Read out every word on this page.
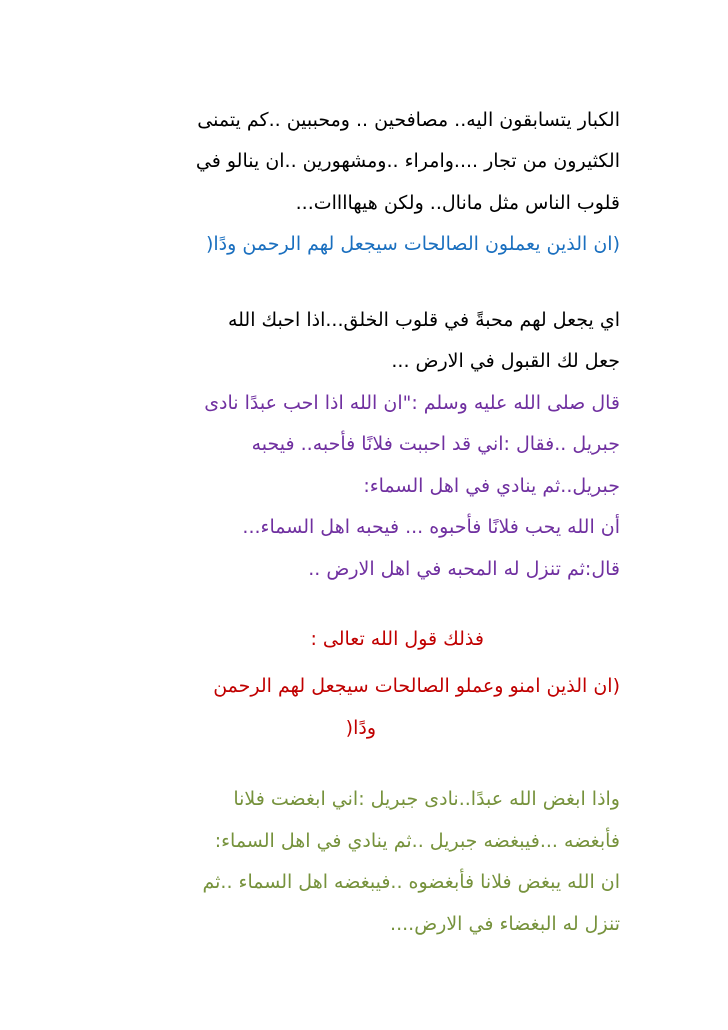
الكبار يتسابقون اليه.. مصافحين .. ومحببين ..كم يتمنى
الكثيرون من تجار ....وامراء ..ومشهورين ..ان ينالو في
قلوب الناس مثل مانال.. ولكن هيهاااات...
(ان الذين يعملون الصالحات سيجعل لهم الرحمن ودًا(
اي يجعل لهم محبةً في قلوب الخلق...اذا احبك الله
جعل لك القبول في الارض ...
قال صلى الله عليه وسلم :"ان الله اذا احب عبدًا نادى
جبريل ..فقال :اني قد احببت فلانًا فأحبه.. فيحبه
جبريل..ثم ينادي في اهل السماء:
أن الله يحب فلانًا فأحبوه ... فيحبه اهل السماء...
قال:ثم تنزل له المحبه في اهل الارض ..
فذلك قول الله تعالى :
(ان الذين امنو وعملو الصالحات سيجعل لهم الرحمن
ودًا(
واذا ابغض الله عبدًا..نادى جبريل :اني ابغضت فلانا
فأبغضه ...فيبغضه جبريل ..ثم ينادي في اهل السماء:
ان الله يبغض فلانا فأبغضوه ..فيبغضه اهل السماء ..ثم
تنزل له البغضاء في الارض....
